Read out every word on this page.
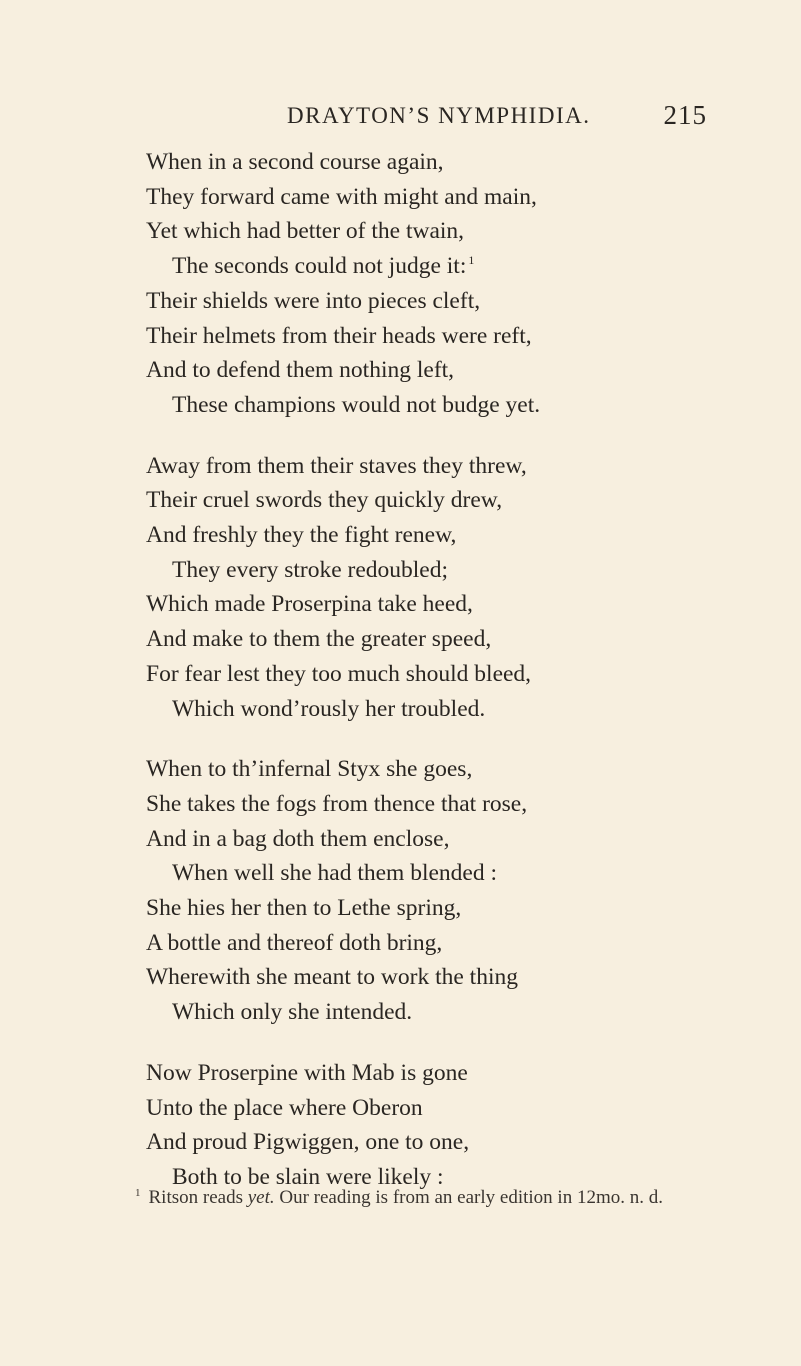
DRAYTON’S NYMPHIDIA.	215
When in a second course again,
They forward came with might and main,
Yet which had better of the twain,
The seconds could not judge it: $^1$
Their shields were into pieces cleft,
Their helmets from their heads were reft,
And to defend them nothing left,
These champions would not budge yet.
Away from them their staves they threw,
Their cruel swords they quickly drew,
And freshly they the fight renew,
They every stroke redoubled;
Which made Proserpina take heed,
And make to them the greater speed,
For fear lest they too much should bleed,
Which wond’rously her troubled.
When to th’infernal Styx she goes,
She takes the fogs from thence that rose,
And in a bag doth them enclose,
When well she had them blended :
She hies her then to Lethe spring,
A bottle and thereof doth bring,
Wherewith she meant to work the thing
Which only she intended.
Now Proserpine with Mab is gone
Unto the place where Oberon
And proud Pigwiggen, one to one,
Both to be slain were likely :
$^1$ Ritson reads yet. Our reading is from an early edition in 12mo. n. d.
